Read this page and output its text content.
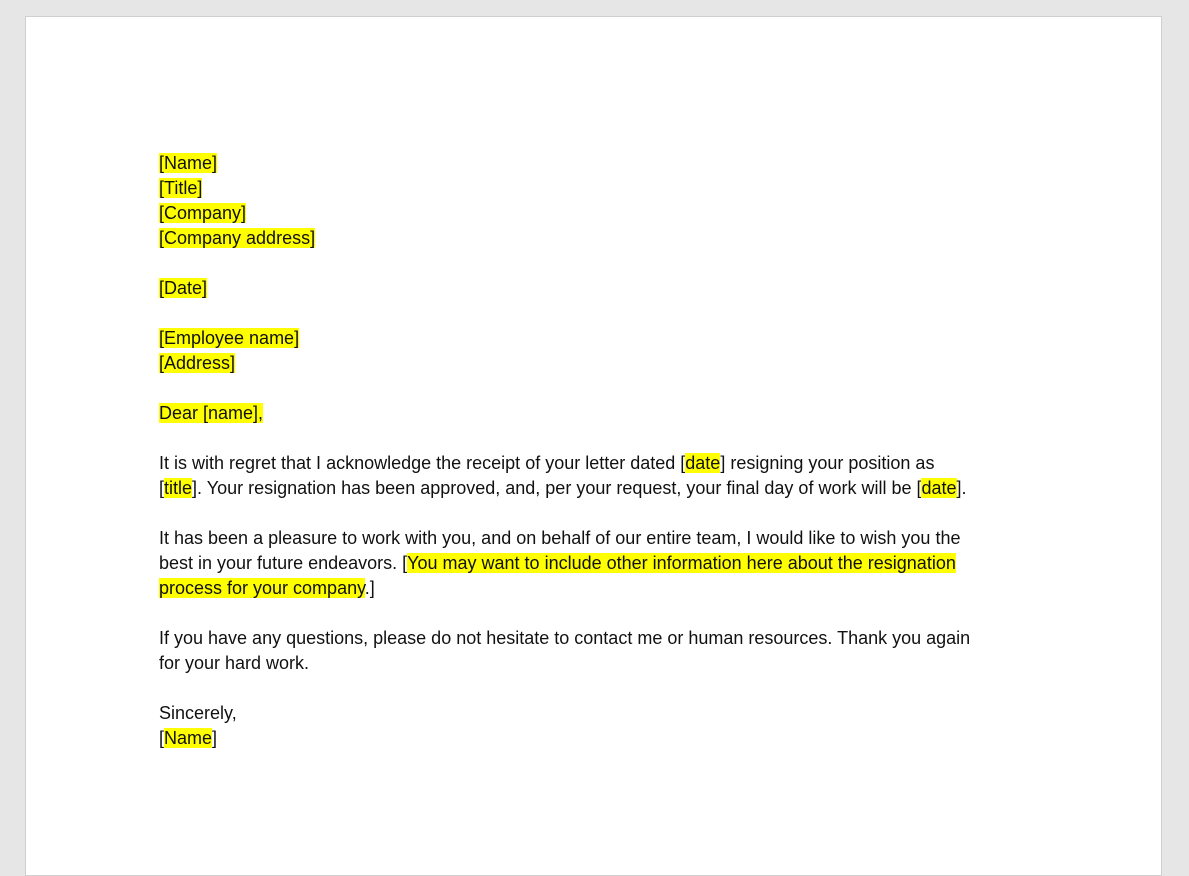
[Name]
[Title]
[Company]
[Company address]
[Date]
[Employee name]
[Address]
Dear [name],
It is with regret that I acknowledge the receipt of your letter dated [date] resigning your position as
[title]. Your resignation has been approved, and, per your request, your final day of work will be [date].
It has been a pleasure to work with you, and on behalf of our entire team, I would like to wish you the
best in your future endeavors. [You may want to include other information here about the resignation
process for your company.]
If you have any questions, please do not hesitate to contact me or human resources. Thank you again
for your hard work.
Sincerely,
[Name]
